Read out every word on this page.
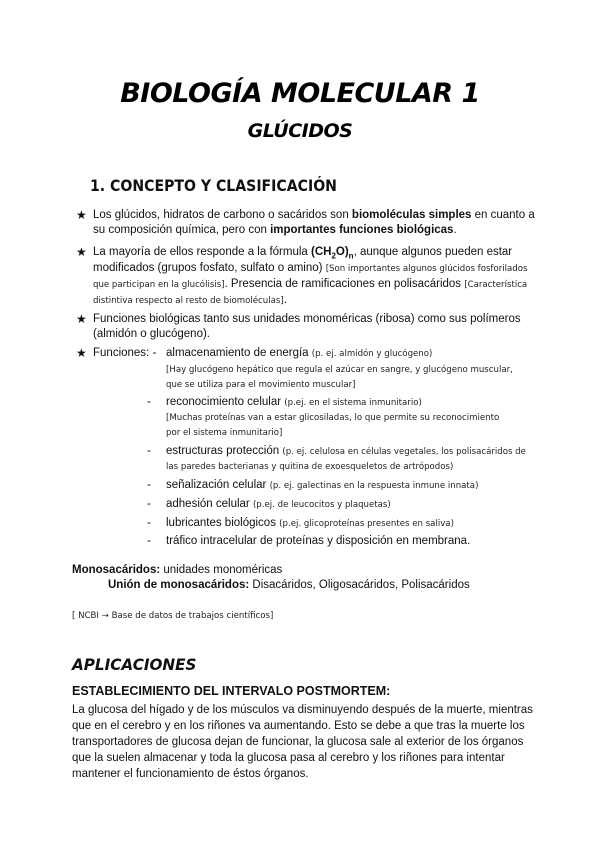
BIOLOGÍA MOLECULAR 1
GLÚCIDOS
1. CONCEPTO Y CLASIFICACIÓN
★ Los glúcidos, hidratos de carbono o sacáridos son biomoléculas simples en cuanto a
su composición química, pero con importantes funciones biológicas.
★ La mayoría de ellos responde a la fórmula $(CH_2O)_n$, aunque algunos pueden estar
modificados (grupos fosfato, sulfato o amino) [Son importantes algunos glúcidos fosforilados
que participan en la glucólisis]. Presencia de ramificaciones en polisacáridos [Característica
distintiva respecto al resto de biomoléculas].
★ Funciones biológicas tanto sus unidades monoméricas (ribosa) como sus polímeros
(almidón o glucógeno).
★ Funciones: - almacenamiento de energía (p. ej. almidón y glucógeno)
[Hay glucógeno hepático que regula el azúcar en sangre, y glucógeno muscular,
que se utiliza para el movimiento muscular]
- reconocimiento celular (p.ej. en el sistema inmunitario)
[Muchas proteínas van a estar glicosiladas, lo que permite su reconocimiento
por el sistema inmunitario]
- estructuras protección (p. ej. celulosa en células vegetales, los polisacáridos de
las paredes bacterianas y quitina de exoesqueletos de artrópodos)
- señalización celular (p. ej. galectinas en la respuesta inmune innata)
- adhesión celular (p.ej. de leucocitos y plaquetas)
- lubricantes biológicos (p.ej. glicoproteínas presentes en saliva)
- tráfico intracelular de proteínas y disposición en membrana.
Monosacáridos: unidades monoméricas
Unión de monosacáridos: Disacáridos, Oligosacáridos, Polisacáridos
[ NCBI → Base de datos de trabajos científicos]
APLICACIONES
ESTABLECIMIENTO DEL INTERVALO POSTMORTEM:
La glucosa del hígado y de los músculos va disminuyendo después de la muerte, mientras que en el cerebro y en los riñones va aumentando. Esto se debe a que tras la muerte los transportadores de glucosa dejan de funcionar, la glucosa sale al exterior de los órganos que la suelen almacenar y toda la glucosa pasa al cerebro y los riñones para intentar mantener el funcionamiento de éstos órganos.
